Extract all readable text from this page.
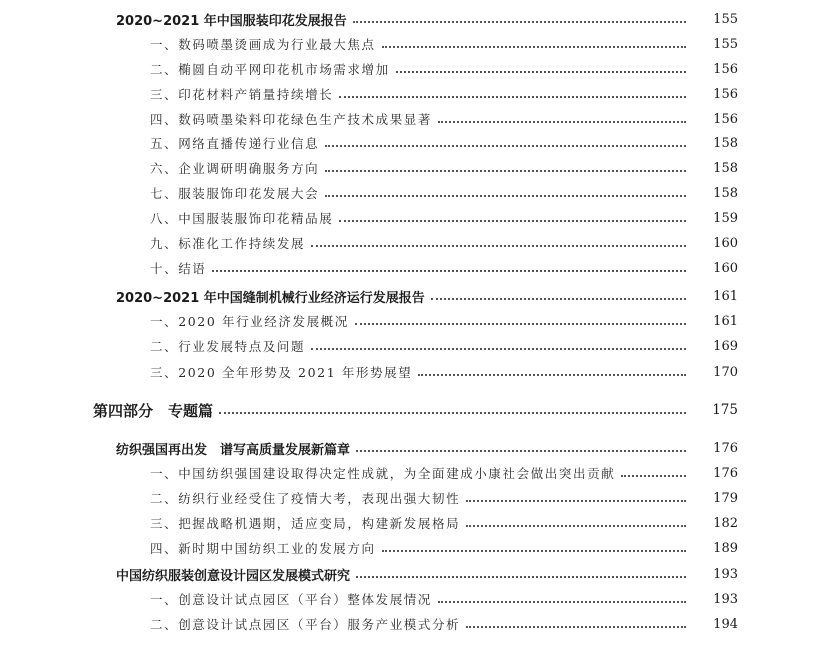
2020~2021 年中国服装印花发展报告	155
一、数码喷墨烫画成为行业最大焦点	155
二、椭圆自动平网印花机市场需求增加	156
三、印花材料产销量持续增长	156
四、数码喷墨染料印花绿色生产技术成果显著	156
五、网络直播传递行业信息	158
六、企业调研明确服务方向	158
七、服装服饰印花发展大会	158
八、中国服装服饰印花精品展	159
九、标准化工作持续发展	160
十、结语	160
2020~2021 年中国缝制机械行业经济运行发展报告	161
一、2020 年行业经济发展概况	161
二、行业发展特点及问题	169
三、2020 全年形势及 2021 年形势展望	170
第四部分　专题篇	175
纺织强国再出发　谱写高质量发展新篇章	176
一、中国纺织强国建设取得决定性成就，为全面建成小康社会做出突出贡献	176
二、纺织行业经受住了疫情大考，表现出强大韧性	179
三、把握战略机遇期，适应变局，构建新发展格局	182
四、新时期中国纺织工业的发展方向	189
中国纺织服装创意设计园区发展模式研究	193
一、创意设计试点园区（平台）整体发展情况	193
二、创意设计试点园区（平台）服务产业模式分析	194
